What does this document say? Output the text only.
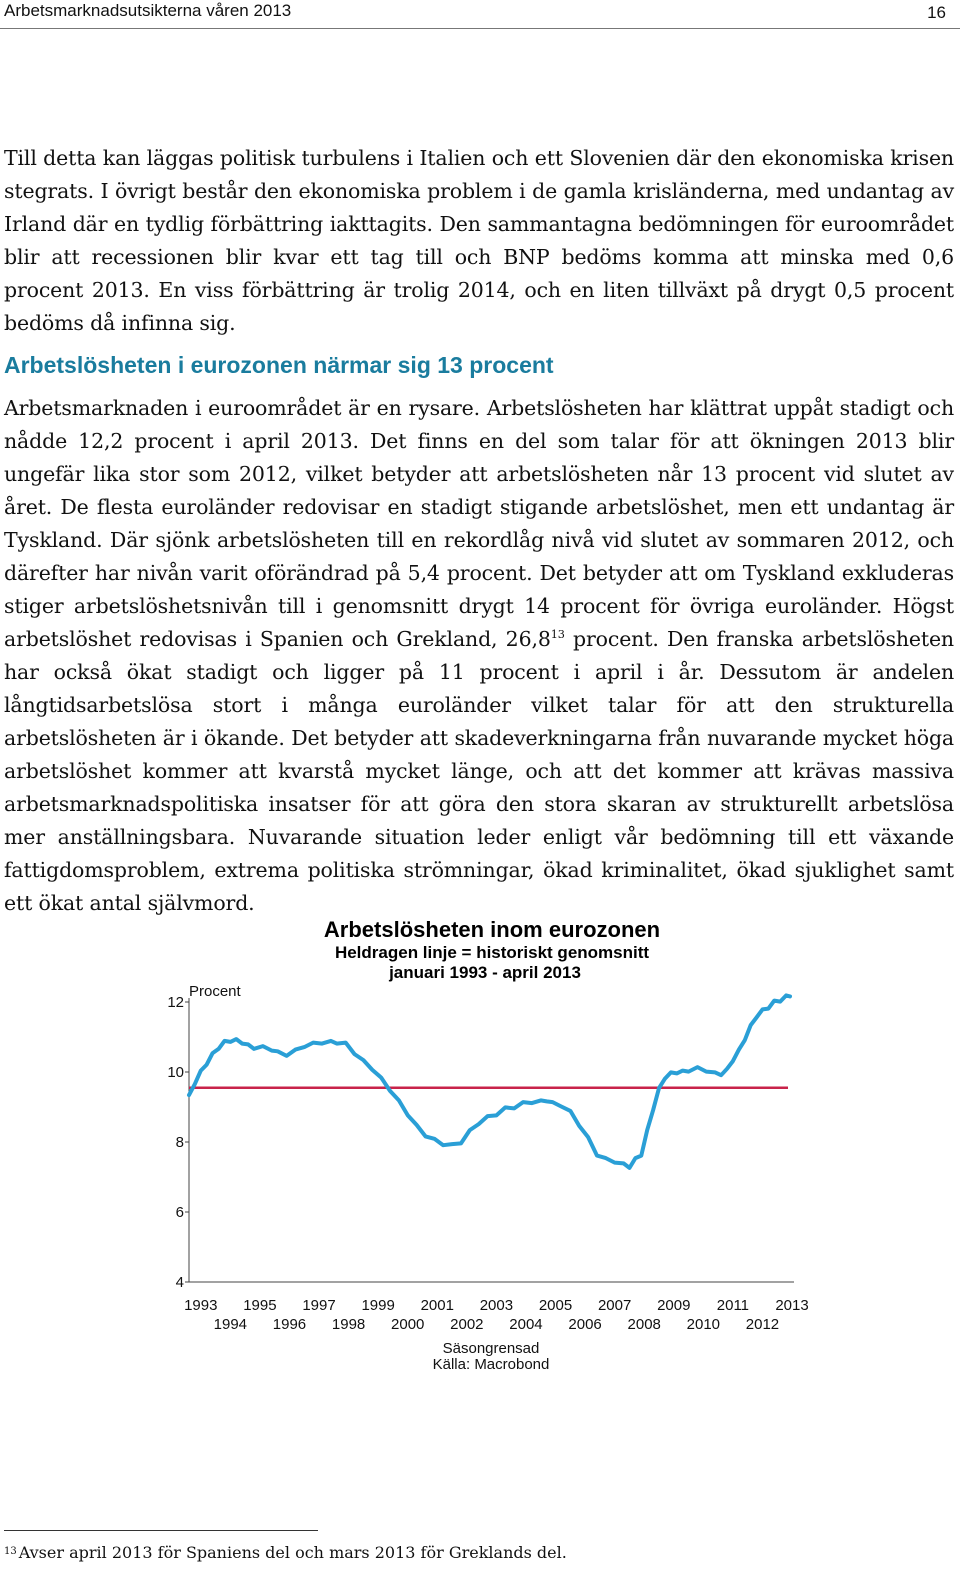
Arbetsmarknadsutsikterna våren 2013	16

Till detta kan läggas politisk turbulens i Italien och ett Slovenien där den ekonomiska krisen stegrats. I övrigt består den ekonomiska problem i de gamla krisländerna, med undantag av Irland där en tydlig förbättring iakttagits. Den sammantagna bedömningen för euroområdet blir att recessionen blir kvar ett tag till och BNP bedöms komma att minska med 0,6 procent 2013. En viss förbättring är trolig 2014, och en liten tillväxt på drygt 0,5 procent bedöms då infinna sig.

Arbetslösheten i eurozonen närmar sig 13 procent

Arbetsmarknaden i euroområdet är en rysare. Arbetslösheten har klättrat uppåt stadigt och nådde 12,2 procent i april 2013. Det finns en del som talar för att ökningen 2013 blir ungefär lika stor som 2012, vilket betyder att arbetslösheten når 13 procent vid slutet av året. De flesta euroländer redovisar en stadigt stigande arbetslöshet, men ett undantag är Tyskland. Där sjönk arbetslösheten till en rekordlåg nivå vid slutet av sommaren 2012, och därefter har nivån varit oförändrad på 5,4 procent. Det betyder att om Tyskland exkluderas stiger arbetslöshetsnivån till i genomsnitt drygt 14 procent för övriga euroländer. Högst arbetslöshet redovisas i Spanien och Grekland, 26,8$^{13}$ procent. Den franska arbetslösheten har också ökat stadigt och ligger på 11 procent i april i år. Dessutom är andelen långtidsarbetslösa stort i många euroländer vilket talar för att den strukturella arbetslösheten är i ökande. Det betyder att skadeverkningarna från nuvarande mycket höga arbetslöshet kommer att kvarstå mycket länge, och att det kommer att krävas massiva arbetsmarknadspolitiska insatser för att göra den stora skaran av strukturellt arbetslösa mer anställningsbara. Nuvarande situation leder enligt vår bedömning till ett växande fattigdomsproblem, extrema politiska strömningar, ökad kriminalitet, ökad sjuklighet samt ett ökat antal självmord.

Arbetslösheten inom eurozonen
Heldragen linje = historiskt genomsnitt
januari 1993 - april 2013
Procent
4
6
8
10
12
1993 1995 1997 1999 2001 2003 2005 2007 2009 2011 2013
1994 1996 1998 2000 2002 2004 2006 2008 2010 2012
Säsongrensad
Källa: Macrobond

$^{13}$ Avser april 2013 för Spaniens del och mars 2013 för Greklands del.
